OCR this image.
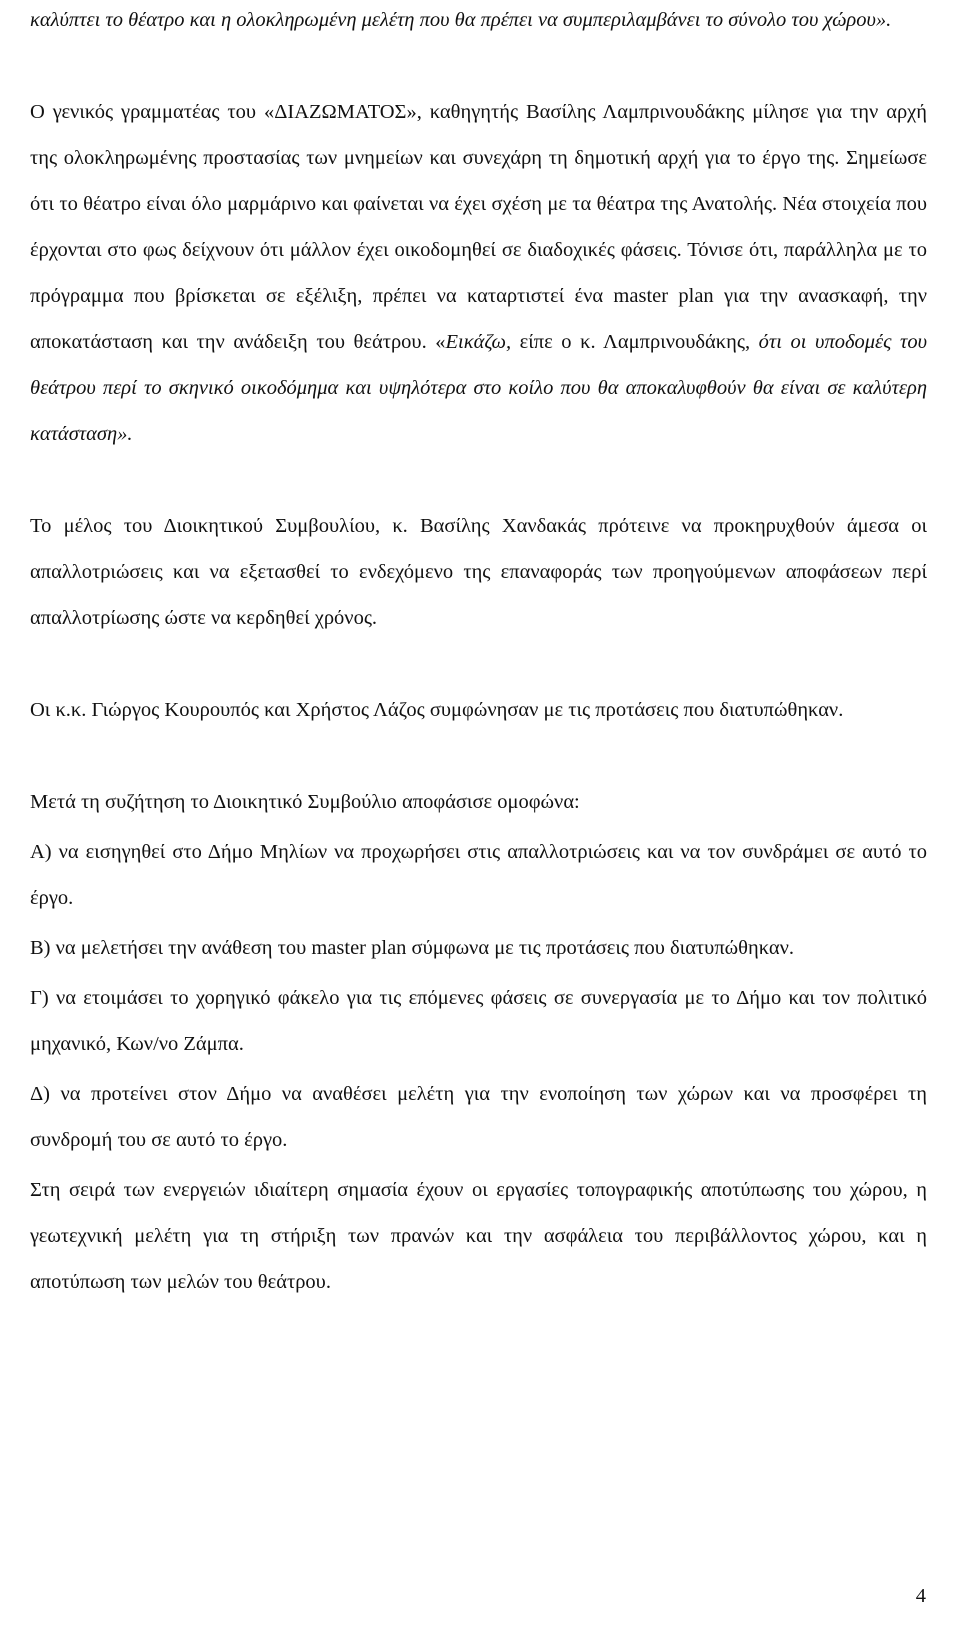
καλύπτει το θέατρο και η ολοκληρωμένη μελέτη που θα πρέπει να συμπεριλαμβάνει το σύνολο του χώρου».

Ο γενικός γραμματέας του «ΔΙΑΖΩΜΑΤΟΣ», καθηγητής Βασίλης Λαμπρινουδάκης μίλησε για την αρχή της ολοκληρωμένης προστασίας των μνημείων και συνεχάρη τη δημοτική αρχή για το έργο της. Σημείωσε ότι το θέατρο είναι όλο μαρμάρινο και φαίνεται να έχει σχέση με τα θέατρα της Ανατολής. Νέα στοιχεία που έρχονται στο φως δείχνουν ότι μάλλον έχει οικοδομηθεί σε διαδοχικές φάσεις. Τόνισε ότι, παράλληλα με το πρόγραμμα που βρίσκεται σε εξέλιξη, πρέπει να καταρτιστεί ένα master plan για την ανασκαφή, την αποκατάσταση και την ανάδειξη του θεάτρου. «Εικάζω, είπε ο κ. Λαμπρινουδάκης, ότι οι υποδομές του θεάτρου περί το σκηνικό οικοδόμημα και υψηλότερα στο κοίλο που θα αποκαλυφθούν θα είναι σε καλύτερη κατάσταση».

Το μέλος του Διοικητικού Συμβουλίου, κ. Βασίλης Χανδακάς πρότεινε να προκηρυχθούν άμεσα οι απαλλοτριώσεις και να εξετασθεί το ενδεχόμενο της επαναφοράς των προηγούμενων αποφάσεων περί απαλλοτρίωσης ώστε να κερδηθεί χρόνος.

Οι κ.κ. Γιώργος Κουρουπός και Χρήστος Λάζος συμφώνησαν με τις προτάσεις που διατυπώθηκαν.

Μετά τη συζήτηση το Διοικητικό Συμβούλιο αποφάσισε ομοφώνα:

Α) να εισηγηθεί στο Δήμο Μηλίων να προχωρήσει στις απαλλοτριώσεις και να τον συνδράμει σε αυτό το έργο.

Β) να μελετήσει την ανάθεση του master plan σύμφωνα με τις προτάσεις που διατυπώθηκαν.

Γ) να ετοιμάσει το χορηγικό φάκελο για τις επόμενες φάσεις σε συνεργασία με το Δήμο και τον πολιτικό μηχανικό, Κων/νο Ζάμπα.

Δ) να προτείνει στον Δήμο να αναθέσει μελέτη για την ενοποίηση των χώρων και να προσφέρει τη συνδρομή του σε αυτό το έργο.

Στη σειρά των ενεργειών ιδιαίτερη σημασία έχουν οι εργασίες τοπογραφικής αποτύπωσης του χώρου, η γεωτεχνική μελέτη για τη στήριξη των πρανών και την ασφάλεια του περιβάλλοντος χώρου, και η αποτύπωση των μελών του θεάτρου.

4
